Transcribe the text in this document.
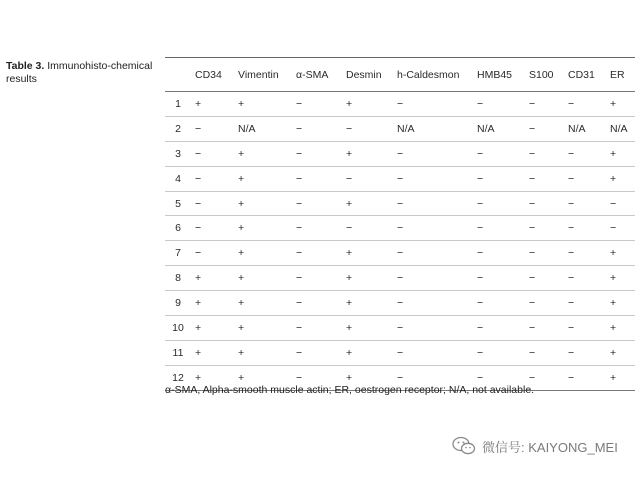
Table 3. Immunohisto-chemical results
		CD34	Vimentin	α-SMA	Desmin	h-Caldesmon	HMB45	S100	CD31	ER
1	+	+	−	+	−	−	−	−	+
2	−	N/A	−	−	N/A	N/A	−	N/A	N/A
3	−	+	−	+	−	−	−	−	+
4	−	+	−	−	−	−	−	−	+
5	−	+	−	+	−	−	−	−	−
6	−	+	−	−	−	−	−	−	−
7	−	+	−	+	−	−	−	−	+
8	+	+	−	+	−	−	−	−	+
9	+	+	−	+	−	−	−	−	+
10	+	+	−	+	−	−	−	−	+
11	+	+	−	+	−	−	−	−	+
12	+	+	−	+	−	−	−	−	+
α-SMA, Alpha-smooth muscle actin; ER, oestrogen receptor; N/A, not available.
微信号: KAIYONG_MEI
